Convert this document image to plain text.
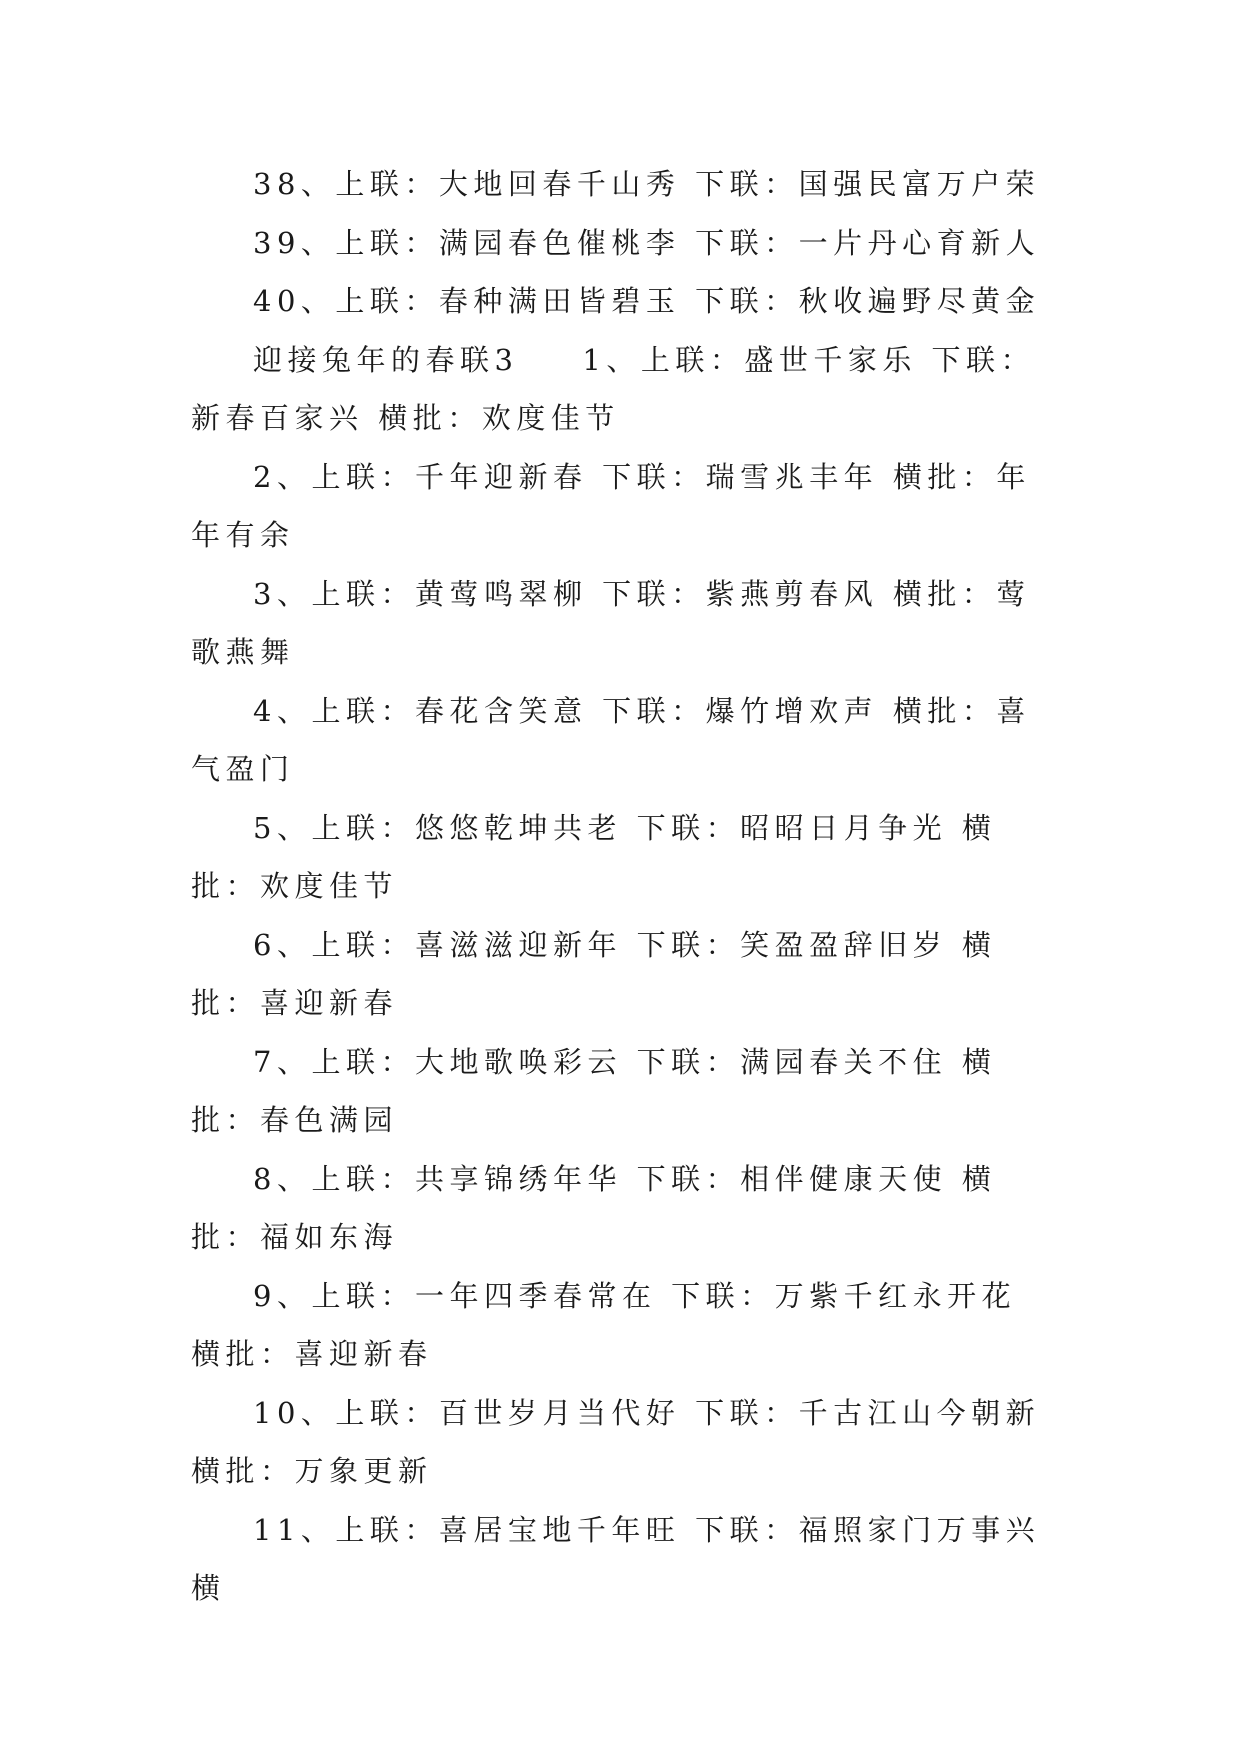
38、上联：大地回春千山秀 下联：国强民富万户荣

39、上联：满园春色催桃李 下联：一片丹心育新人

40、上联：春种满田皆碧玉 下联：秋收遍野尽黄金

迎接兔年的春联3 　 1、上联：盛世千家乐 下联：新春百家兴 横批：欢度佳节

2、上联：千年迎新春 下联：瑞雪兆丰年 横批：年年有余

3、上联：黄莺鸣翠柳 下联：紫燕剪春风 横批：莺歌燕舞

4、上联：春花含笑意 下联：爆竹增欢声 横批：喜气盈门

5、上联：悠悠乾坤共老 下联：昭昭日月争光 横批：欢度佳节

6、上联：喜滋滋迎新年 下联：笑盈盈辞旧岁 横批：喜迎新春

7、上联：大地歌唤彩云 下联：满园春关不住 横批：春色满园

8、上联：共享锦绣年华 下联：相伴健康天使 横批：福如东海

9、上联：一年四季春常在 下联：万紫千红永开花 横批：喜迎新春

10、上联：百世岁月当代好 下联：千古江山今朝新 横批：万象更新

11、上联：喜居宝地千年旺 下联：福照家门万事兴 横
